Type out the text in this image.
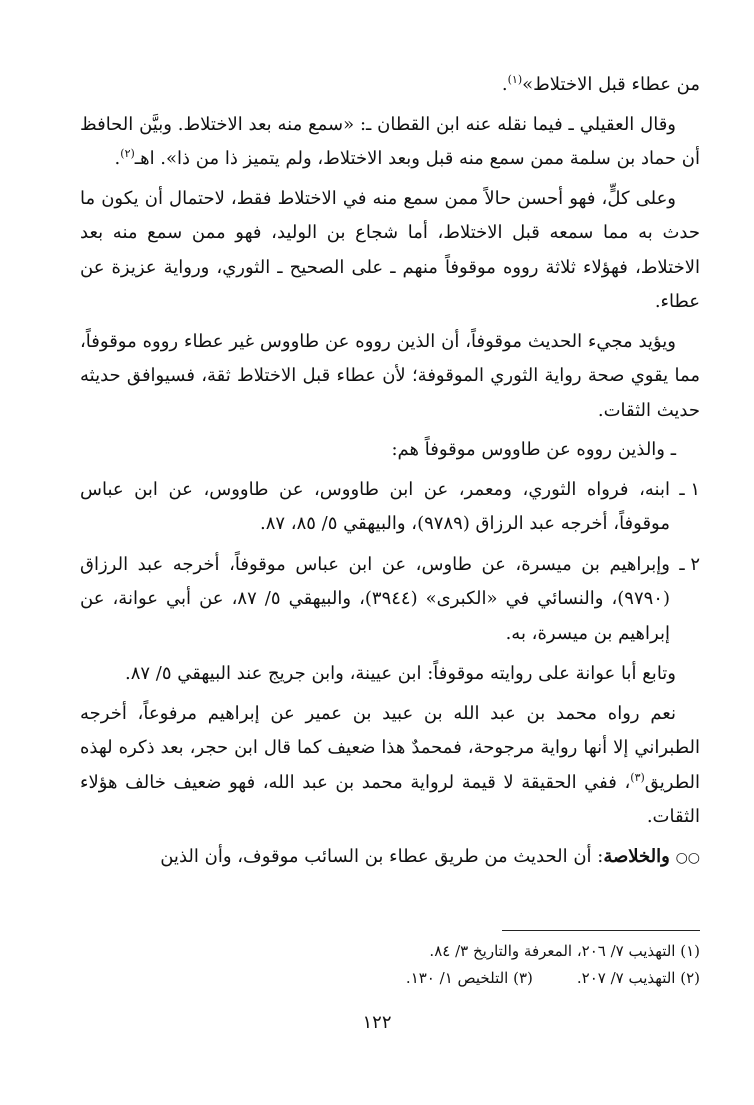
من عطاء قبل الاختلاط»$^{(١)}$.

وقال العقيلي ـ فيما نقله عنه ابن القطان ـ: «سمع منه بعد الاختلاط. وبيَّن الحافظ أن حماد بن سلمة ممن سمع منه قبل وبعد الاختلاط، ولم يتميز ذا من ذا». اهـ$^{(٢)}$.

وعلى كلٍّ، فهو أحسن حالاً ممن سمع منه في الاختلاط فقط، لاحتمال أن يكون ما حدث به مما سمعه قبل الاختلاط، أما شجاع بن الوليد، فهو ممن سمع منه بعد الاختلاط، فهؤلاء ثلاثة رووه موقوفاً منهم ـ على الصحيح ـ الثوري، ورواية عزيزة عن عطاء.

ويؤيد مجيء الحديث موقوفاً، أن الذين رووه عن طاووس غير عطاء رووه موقوفاً، مما يقوي صحة رواية الثوري الموقوفة؛ لأن عطاء قبل الاختلاط ثقة، فسيوافق حديثه حديث الثقات.

ـ والذين رووه عن طاووس موقوفاً هم:

١ ـ
ابنه، فرواه الثوري، ومعمر، عن ابن طاووس، عن طاووس، عن ابن عباس موقوفاً، أخرجه عبد الرزاق (٩٧٨٩)، والبيهقي ٥/ ٨٥، ٨٧.
٢ ـ
وإبراهيم بن ميسرة، عن طاوس، عن ابن عباس موقوفاً، أخرجه عبد الرزاق (٩٧٩٠)، والنسائي في «الكبرى» (٣٩٤٤)، والبيهقي ٥/ ٨٧، عن أبي عوانة، عن إبراهيم بن ميسرة، به.

وتابع أبا عوانة على روايته موقوفاً: ابن عيينة، وابن جريج عند البيهقي ٥/ ٨٧.

نعم رواه محمد بن عبد الله بن عبيد بن عمير عن إبراهيم مرفوعاً، أخرجه الطبراني إلا أنها رواية مرجوحة، فمحمدٌ هذا ضعيف كما قال ابن حجر، بعد ذكره لهذه الطريق$^{(٣)}$، ففي الحقيقة لا قيمة لرواية محمد بن عبد الله، فهو ضعيف خالف هؤلاء الثقات.

○○ والخلاصة: أن الحديث من طريق عطاء بن السائب موقوف، وأن الذين

(١) التهذيب ٧/ ٢٠٦، المعرفة والتاريخ ٣/ ٨٤.
(٢) التهذيب ٧/ ٢٠٧.
(٣) التلخيص ١/ ١٣٠.
١٢٢
